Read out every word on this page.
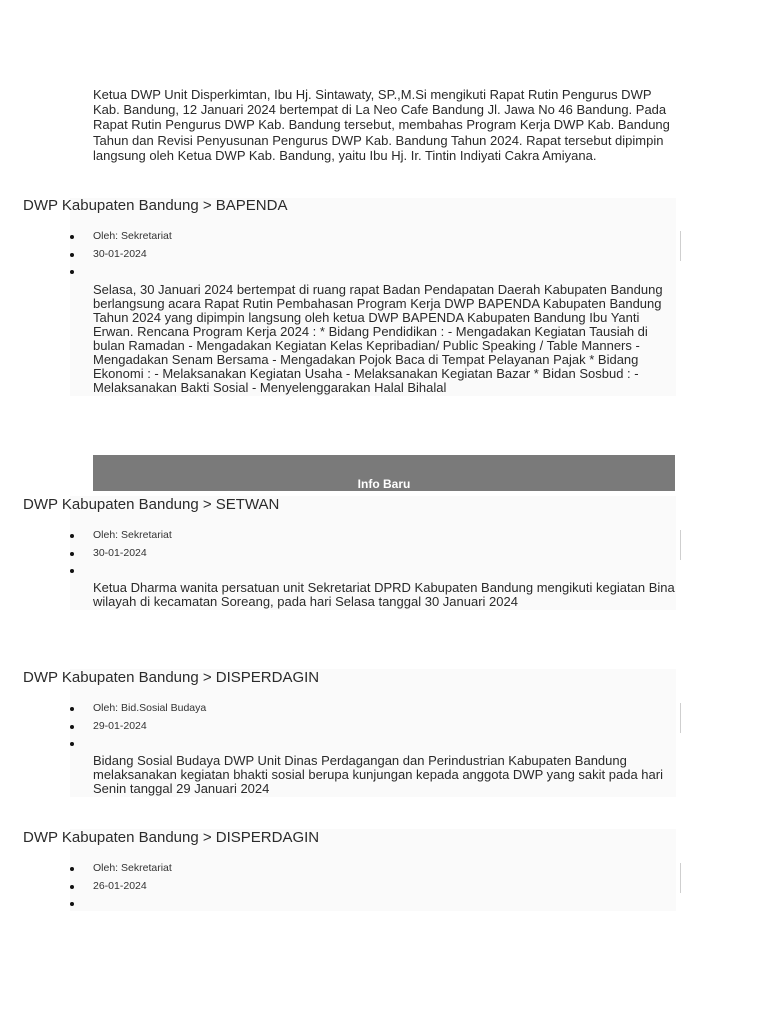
Ketua DWP Unit Disperkimtan, Ibu Hj. Sintawaty, SP.,M.Si mengikuti Rapat Rutin Pengurus DWP Kab. Bandung, 12 Januari 2024 bertempat di La Neo Cafe Bandung Jl. Jawa No 46 Bandung. Pada Rapat Rutin Pengurus DWP Kab. Bandung tersebut, membahas Program Kerja DWP Kab. Bandung Tahun dan Revisi Penyusunan Pengurus DWP Kab. Bandung Tahun 2024. Rapat tersebut dipimpin langsung oleh Ketua DWP Kab. Bandung, yaitu Ibu Hj. Ir. Tintin Indiyati Cakra Amiyana.

DWP Kabupaten Bandung > BAPENDA
Oleh: Sekretariat
30-01-2024

Selasa, 30 Januari 2024 bertempat di ruang rapat Badan Pendapatan Daerah Kabupaten Bandung berlangsung acara Rapat Rutin Pembahasan Program Kerja DWP BAPENDA Kabupaten Bandung Tahun 2024 yang dipimpin langsung oleh ketua DWP BAPENDA Kabupaten Bandung Ibu Yanti Erwan. Rencana Program Kerja 2024 : * Bidang Pendidikan : - Mengadakan Kegiatan Tausiah di bulan Ramadan - Mengadakan Kegiatan Kelas Kepribadian/ Public Speaking / Table Manners - Mengadakan Senam Bersama - Mengadakan Pojok Baca di Tempat Pelayanan Pajak * Bidang Ekonomi : - Melaksanakan Kegiatan Usaha - Melaksanakan Kegiatan Bazar * Bidan Sosbud : - Melaksanakan Bakti Sosial - Menyelenggarakan Halal Bihalal

Info Baru
DWP Kabupaten Bandung > SETWAN
Oleh: Sekretariat
30-01-2024

Ketua Dharma wanita persatuan unit Sekretariat DPRD Kabupaten Bandung mengikuti kegiatan Bina wilayah di kecamatan Soreang, pada hari Selasa tanggal 30 Januari 2024

DWP Kabupaten Bandung > DISPERDAGIN
Oleh: Bid.Sosial Budaya
29-01-2024

Bidang Sosial Budaya DWP Unit Dinas Perdagangan dan Perindustrian Kabupaten Bandung melaksanakan kegiatan bhakti sosial berupa kunjungan kepada anggota DWP yang sakit pada hari Senin tanggal 29 Januari 2024

DWP Kabupaten Bandung > DISPERDAGIN
Oleh: Sekretariat
26-01-2024
